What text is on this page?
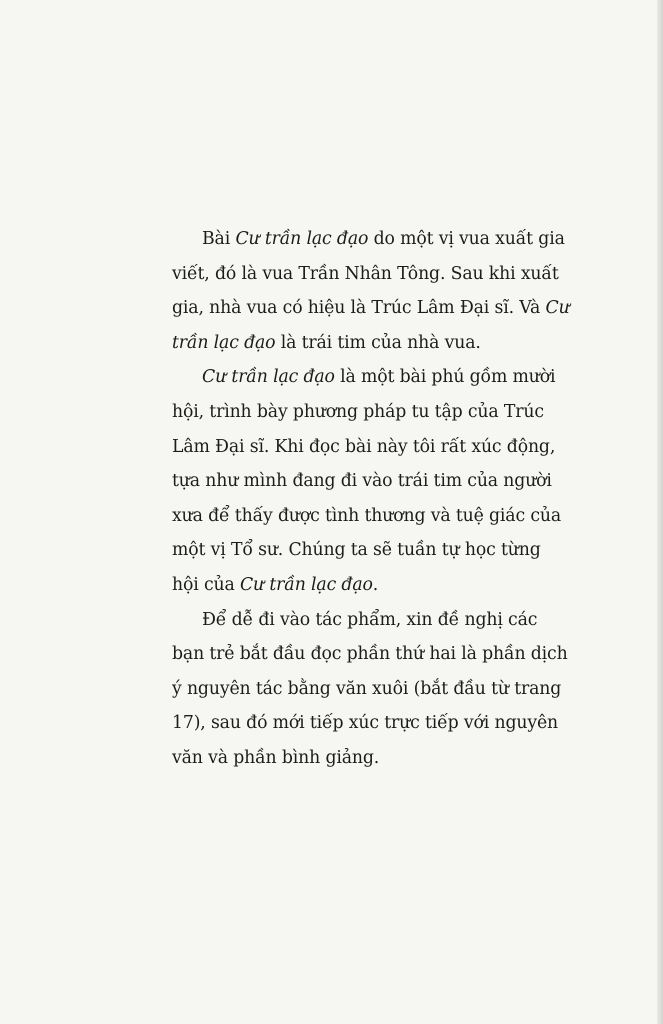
Bài Cư trần lạc đạo do một vị vua xuất gia
viết, đó là vua Trần Nhân Tông. Sau khi xuất
gia, nhà vua có hiệu là Trúc Lâm Đại sĩ. Và Cư
trần lạc đạo là trái tim của nhà vua.
Cư trần lạc đạo là một bài phú gồm mười
hội, trình bày phương pháp tu tập của Trúc
Lâm Đại sĩ. Khi đọc bài này tôi rất xúc động,
tựa như mình đang đi vào trái tim của người
xưa để thấy được tình thương và tuệ giác của
một vị Tổ sư. Chúng ta sẽ tuần tự học từng
hội của Cư trần lạc đạo.
Để dễ đi vào tác phẩm, xin đề nghị các
bạn trẻ bắt đầu đọc phần thứ hai là phần dịch
ý nguyên tác bằng văn xuôi (bắt đầu từ trang
17), sau đó mới tiếp xúc trực tiếp với nguyên
văn và phần bình giảng.
